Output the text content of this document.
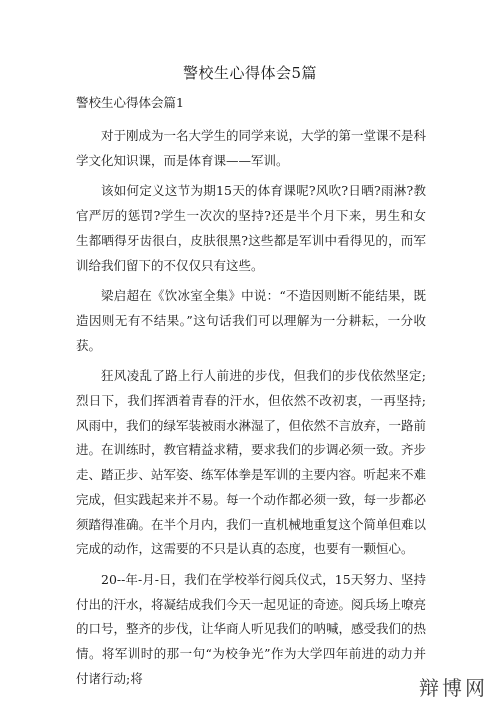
警校生心得体会5篇
警校生心得体会篇1

对于刚成为一名大学生的同学来说，大学的第一堂课不是科学文化知识课，而是体育课——军训。

该如何定义这节为期15天的体育课呢?风吹?日晒?雨淋?教官严厉的惩罚?学生一次次的坚持?还是半个月下来，男生和女生都晒得牙齿很白，皮肤很黑?这些都是军训中看得见的，而军训给我们留下的不仅仅只有这些。

梁启超在《饮冰室全集》中说：“不造因则断不能结果，既造因则无有不结果。”这句话我们可以理解为一分耕耘，一分收获。

狂风凌乱了路上行人前进的步伐，但我们的步伐依然坚定;烈日下，我们挥洒着青春的汗水，但依然不改初衷，一再坚持;风雨中，我们的绿军装被雨水淋湿了，但依然不言放弃，一路前进。在训练时，教官精益求精，要求我们的步调必须一致。齐步走、踏正步、站军姿、练军体拳是军训的主要内容。听起来不难完成，但实践起来并不易。每一个动作都必须一致，每一步都必须踏得准确。在半个月内，我们一直机械地重复这个简单但难以完成的动作，这需要的不只是认真的态度，也要有一颗恒心。

20--年-月-日，我们在学校举行阅兵仪式，15天努力、坚持付出的汗水，将凝结成我们今天一起见证的奇迹。阅兵场上嘹亮的口号，整齐的步伐，让华商人听见我们的呐喊，感受我们的热情。将军训时的那一句“为校争光”作为大学四年前进的动力并付诸行动;将	辩博网
